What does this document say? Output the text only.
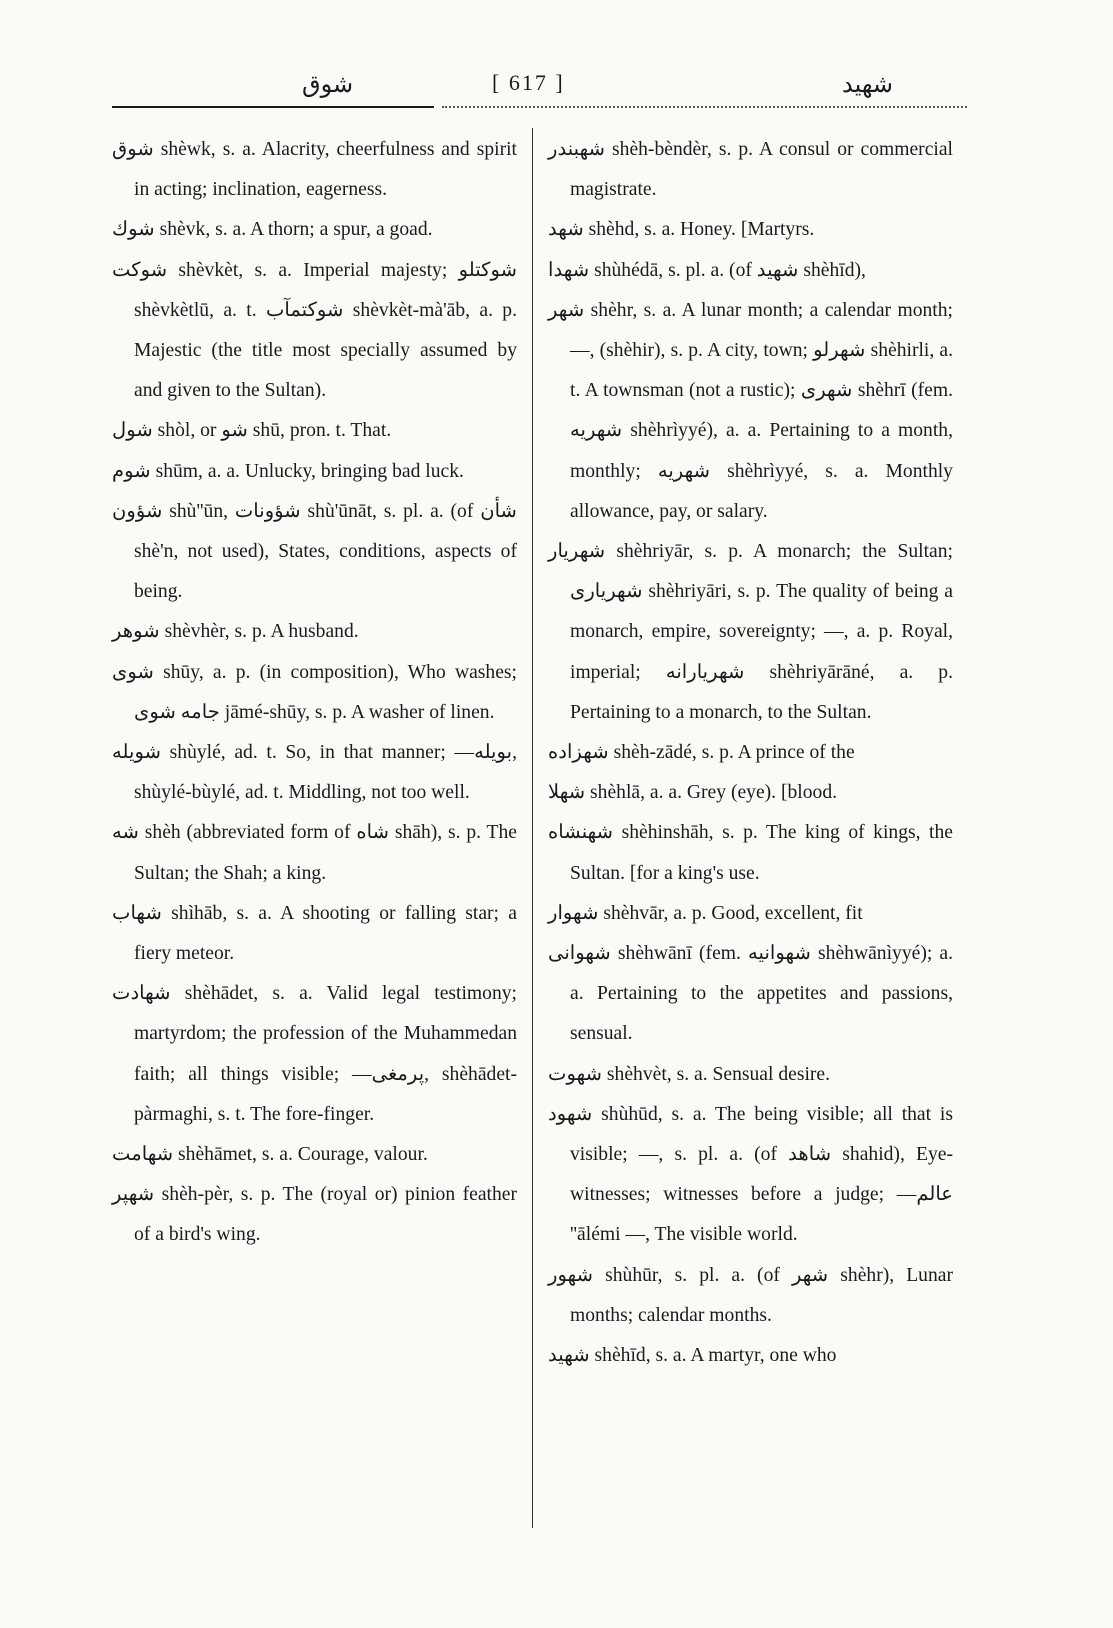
شوق	[ 617 ]	شهيد

شوق shèwk, s. a. Alacrity, cheerfulness and spirit in acting; inclination, eagerness.

شوك shèvk, s. a. A thorn; a spur, a goad.

شوكت shèvkèt, s. a. Imperial majesty; شوكتلو shèvkètlū, a. t. شوكتمآب shèvkèt-mà'āb, a. p. Majestic (the title most specially assumed by and given to the Sultan).

شول shòl, or شو shū, pron. t. That.

شوم shūm, a. a. Unlucky, bringing bad luck.

شؤون shù''ūn, شؤونات shù'ūnāt, s. pl. a. (of شأن shè'n, not used), States, conditions, aspects of being.

شوهر shèvhèr, s. p. A husband.

شوى shūy, a. p. (in composition), Who washes; جامه شوى jāmé-shūy, s. p. A washer of linen.

شويله shùylé, ad. t. So, in that manner; —بويله, shùylé-bùylé, ad. t. Middling, not too well.

شه shèh (abbreviated form of شاه shāh), s. p. The Sultan; the Shah; a king.

شهاب shìhāb, s. a. A shooting or falling star; a fiery meteor.

شهادت shèhādet, s. a. Valid legal testimony; martyrdom; the profession of the Muhammedan faith; all things visible; —پرمغى, shèhādet-pàrmaghi, s. t. The fore-finger.

شهامت shèhāmet, s. a. Courage, valour.

شهپر shèh-pèr, s. p. The (royal or) pinion feather of a bird's wing.

شهبندر shèh-bèndèr, s. p. A consul or commercial magistrate.

شهد shèhd, s. a. Honey. [Martyrs.

شهدا shùhédā, s. pl. a. (of شهيد shèhīd),

شهر shèhr, s. a. A lunar month; a calendar month; —, (shèhir), s. p. A city, town; شهرلو shèhirli, a. t. A townsman (not a rustic); شهرى shèhrī (fem. شهريه shèhrìyyé), a. a. Pertaining to a month, monthly; شهريه shèhrìyyé, s. a. Monthly allowance, pay, or salary.

شهريار shèhriyār, s. p. A monarch; the Sultan; شهريارى shèhriyāri, s. p. The quality of being a monarch, empire, sovereignty; —, a. p. Royal, imperial; شهريارانه shèhriyārāné, a. p. Pertaining to a monarch, to the Sultan.

شهزاده shèh-zādé, s. p. A prince of the

شهلا shèhlā, a. a. Grey (eye). [blood.

شهنشاه shèhinshāh, s. p. The king of kings, the Sultan. [for a king's use.

شهوار shèhvār, a. p. Good, excellent, fit

شهوانى shèhwānī (fem. شهوانيه shèhwānìyyé); a. a. Pertaining to the appetites and passions, sensual.

شهوت shèhvèt, s. a. Sensual desire.

شهود shùhūd, s. a. The being visible; all that is visible; —, s. pl. a. (of شاهد shahid), Eye-witnesses; witnesses before a judge; —عالم ''ālémi —, The visible world.

شهور shùhūr, s. pl. a. (of شهر shèhr), Lunar months; calendar months.

شهيد shèhīd, s. a. A martyr, one who
